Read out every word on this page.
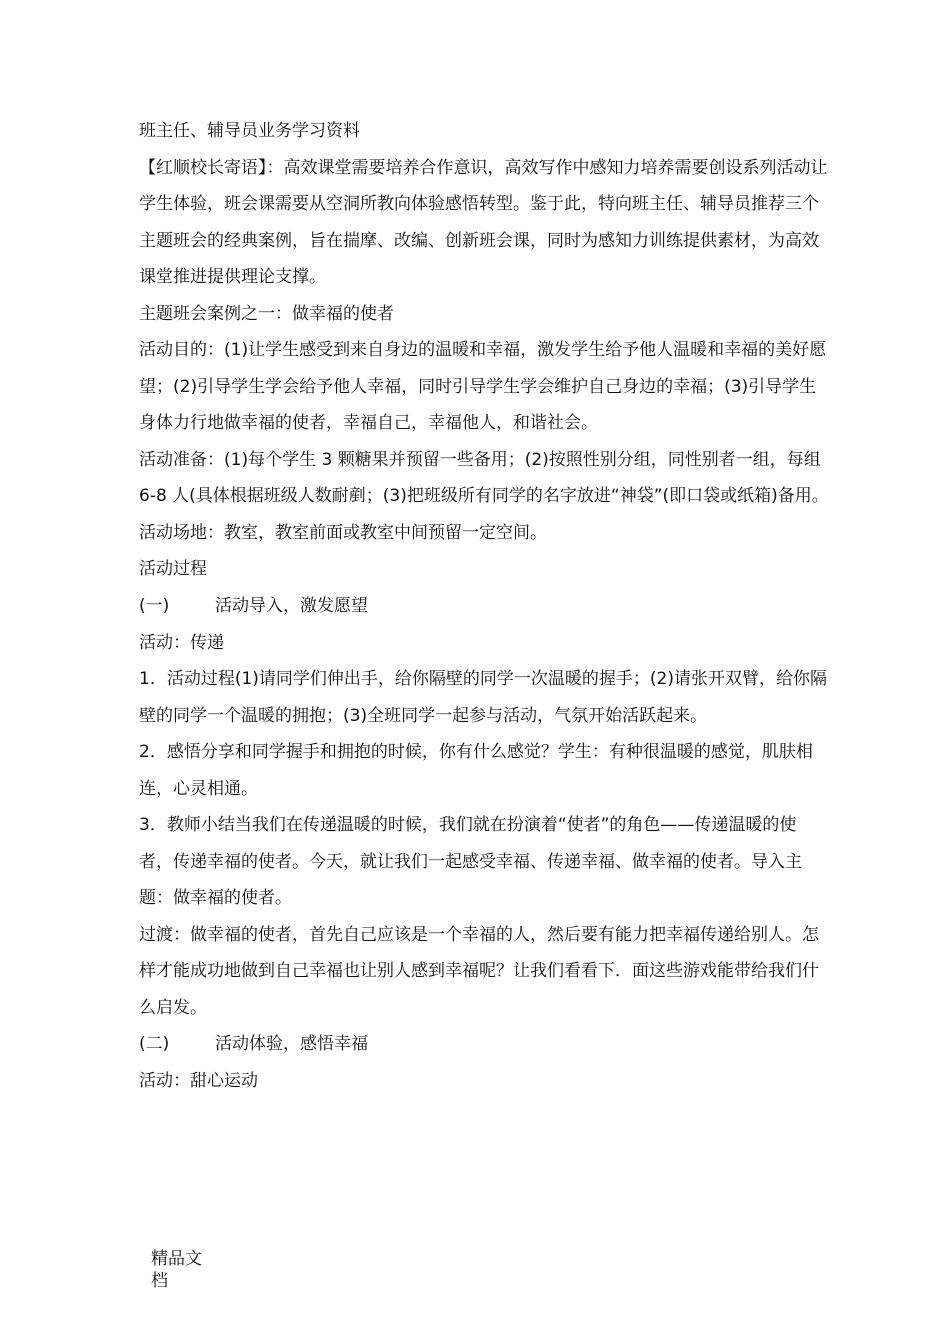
班主任、辅导员业务学习资料

【红顺校长寄语】：高效课堂需要培养合作意识，高效写作中感知力培养需要创设系列活动让学生体验，班会课需要从空洞所教向体验感悟转型。鉴于此，特向班主任、辅导员推荐三个主题班会的经典案例，旨在揣摩、改编、创新班会课，同时为感知力训练提供素材，为高效课堂推进提供理论支撑。

主题班会案例之一：做幸福的使者

活动目的：(1)让学生感受到来自身边的温暖和幸福，激发学生给予他人温暖和幸福的美好愿望；(2)引导学生学会给予他人幸福，同时引导学生学会维护自己身边的幸福；(3)引导学生身体力行地做幸福的使者，幸福自己，幸福他人，和谐社会。

活动准备：(1)每个学生 3 颗糖果并预留一些备用；(2)按照性别分组，同性别者一组，每组 6-8 人(具体根据班级人数耐剷；(3)把班级所有同学的名字放进“神袋”(即口袋或纸箱)备用。

活动场地：教室，教室前面或教室中间预留一定空间。

活动过程

(一)	活动导入，激发愿望

活动：传递

1．活动过程(1)请同学们伸出手，给你隔壁的同学一次温暖的握手；(2)请张开双臂，给你隔壁的同学一个温暖的拥抱；(3)全班同学一起参与活动，气氛开始活跃起来。

2．感悟分享和同学握手和拥抱的时候，你有什么感觉？学生：有种很温暖的感觉，肌肤相连，心灵相通。

3．教师小结当我们在传递温暖的时候，我们就在扮演着“使者”的角色——传递温暖的使者，传递幸福的使者。今天，就让我们一起感受幸福、传递幸福、做幸福的使者。导入主题：做幸福的使者。

过渡：做幸福的使者，首先自己应该是一个幸福的人，然后要有能力把幸福传递给别人。怎样才能成功地做到自己幸福也让别人感到幸福呢？让我们看看下．面这些游戏能带给我们什么启发。

(二)	活动体验，感悟幸福

活动：甜心运动

精品文
档
